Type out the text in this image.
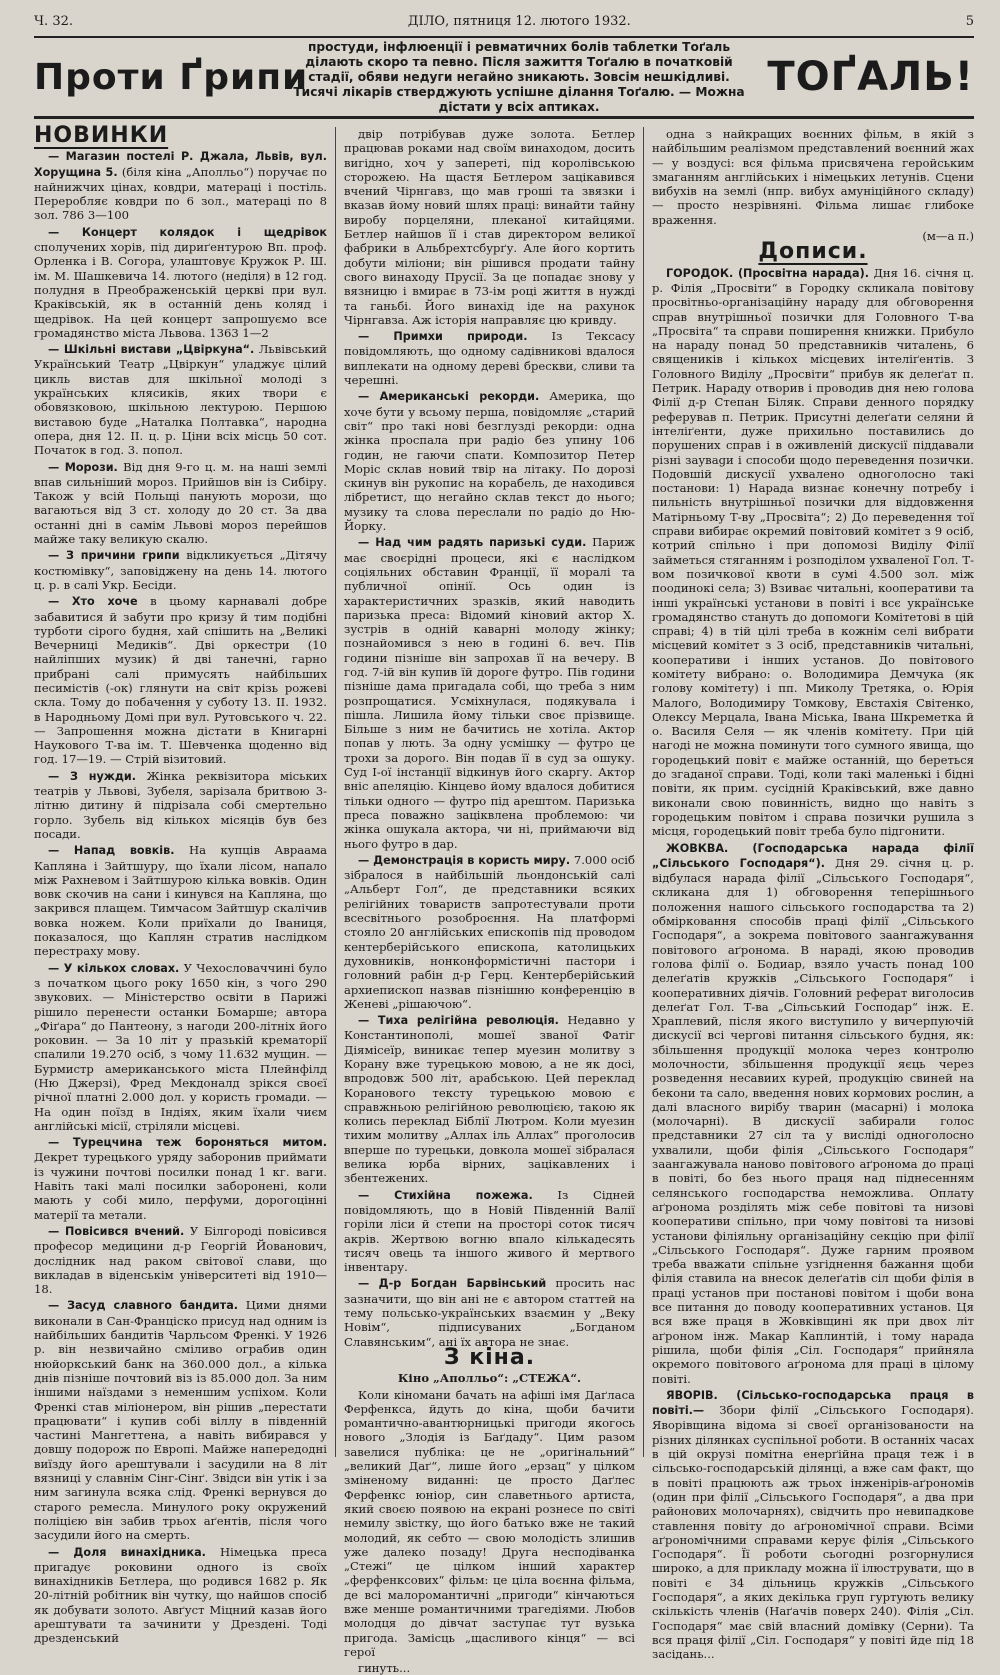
Ч. 32.	ДІЛО, пятниця 12. лютого 1932.	5
Проти Ґрипи
простуди, інфлюенції і ревматичних болів таблетки Тоґаль ділають скоро та певно. Після зажиття Тоґалю в початковій стадії, обяви недуги негайно зникають. Зовсім нешкідливі. Тисячі лікарів стверджують успішне ділання Тоґалю. — Можна дістати у всіх аптиках.
ТОҐАЛЬ!
НОВИНКИ

— Магазин постелі Р. Джала, Львів, вул. Хорущина 5. (біля кіна „Аполльо“) поручає по найнижчих цінах, ковдри, матераці і постіль. Переробляє ковдри по 6 зол., матераці по 8 зол. 786 3—100

— Концерт колядок і щедрівок сполучених хорів, під дириґентурою Вп. проф. Орленка і В. Согора, улаштовує Кружок Р. Ш. ім. М. Шашкевича 14. лютого (неділя) в 12 год. полудня в Преображенській церкві при вул. Краківській, як в останній день коляд і щедрівок. На цей концерт запрошуємо все громадянство міста Львова. 1363 1—2

— Шкільні вистави „Цвіркуна“. Львівський Український Театр „Цвіркун“ уладжує цілий цикль вистав для шкільної молоді з українських клясиків, яких твори є обовязковою, шкільною лектурою. Першою виставою буде „Наталка Полтавка“, народна опера, дня 12. II. ц. р. Ціни всіх місць 50 сот. Початок в год. 3. попол.

— Морози. Від дня 9-го ц. м. на наші землі впав сильніший мороз. Прийшов він із Сибіру. Також у всій Польщі панують морози, що вагаються від 3 ст. холоду до 20 ст. За два останні дні в самім Львові мороз перейшов майже таку великую скалю.

— З причини грипи відкликується „Дітячу костюмівку“, заповіджену на день 14. лютого ц. р. в салі Укр. Бесіди.

— Хто хоче в цьому карнавалі добре забавитися й забути про кризу й тим подібні турботи сірого будня, хай спішить на „Великі Вечерниці Медиків“. Дві оркестри (10 найліпших музик) й дві танечні, гарно прибрані салі примусять найбільших песимістів (-ок) глянути на світ крізь рожеві скла. Тому до побачення у суботу 13. II. 1932. в Народньому Домі при вул. Рутовського ч. 22. — Запрошення можна дістати в Книгарні Наукового Т-ва ім. Т. Шевченка щоденно від год. 17—19. — Стрій візитовий.

— З нужди. Жінка реквізитора міських театрів у Львові, Зубеля, зарізала бритвою 3-літню дитину й підрізала собі смертельно горло. Зубель від кількох місяців був без посади.

— Напад вовків. На купців Авраама Капляна і Зайтшуру, що їхали лісом, напало між Рахневом і Зайтшурою кілька вовків. Один вовк скочив на сани і кинувся на Капляна, що закривcя плащем. Тимчасом Зайтшур скалічив вовка ножем. Коли приїхали до Іваниця, показалося, що Каплян стратив наслідком перестраху мову.

— У кількох словах. У Чехословаччині було з початком цього року 1650 кін, з чого 290 звукових. — Міністерство освіти в Парижі рішило перенести останки Бомарше; автора „Фіґара“ до Пантеону, з нагоди 200-літніх його роковин. — За 10 літ у празькій крематорії спалили 19.270 осіб, з чому 11.632 мущин. — Бурмистр американського міста Плейнфілд (Ню Джерзі), Фред Мекдоналд зрікся своєї річної платні 2.000 дол. у користь громади. — На один поїзд в Індіях, яким їхали чиєм англійські місії, стріляли місцеві.

— Турецчина теж бороняться митом. Декрет турецького уряду заборонив приймати із чужини почтові посилки понад 1 кг. ваги. Навіть такі малі посилки заборонені, коли мають у собі мило, перфуми, дорогоцінні матерії та метали.

— Повісився вчений. У Білгороді повісився професор медицини д-р Георгій Йованович, дослідник над раком світової слави, що викладав в віденськім університеті від 1910—18.

— Засуд славного бандита. Цими днями виконали в Сан-Франціско присуд над одним із найбільших бандитів Чарльсом Френкі. У 1926 р. він незвичайно сміливо ограбив один нюйоркський банк на 360.000 дол., а кілька днів пізніше почтовий віз із 85.000 дол. За ним іншими наїздами з неменшим успіхом. Коли Френкі став міліонером, він рішив „перестати працювати“ і купив собі віллу в південній частині Мангеттена, а навіть вибирався у довшу подорож по Европі. Майже напередодні виїзду його арештували і засудили на 8 літ вязниці у славнім Сінг-Сінґ. Звідси він утік і за ним загинула всяка слід. Френкі вернувся до старого ремесла. Минулого року окружений поліцією він забив трьох аґентів, після чого засудили його на смерть.

— Доля винахідника. Німецька преса пригадує роковини одного із своїх винахідників Бетлера, що родився 1682 р. Як 20-літній робітник він чутку, що найшов спосіб як добувати золото. Авґуст Міцний казав його арештувати та зачинити у Дрездені. Тоді дрезденський

двір потрібував дуже золота. Бетлер працював роками над своїм винаходом, досить вигідно, хоч у запереті, під королівською сторожею. На щастя Бетлером зацікавився вчений Чірнгавз, що мав гроші та звязки і вказав йому новий шлях праці: винайти тайну виробу порцеляни, плеканої китайцями. Бетлер найшов її і став директором великої фабрики в Альбрехтсбурґу. Але його кортить добути міліони; він рішився продати тайну свого винаходу Прусії. За це попадає знову у вязницю і вмирає в 73-ім році життя в нужді та ганьбі. Його винахід іде на рахунок Чірнгавза. Аж історія направляє цю кривду.

— Примхи природи. Із Тексасу повідомляють, що одному садівникові вдалося виплекати на одному дереві брескви, сливи та черешні.

— Американські рекорди. Америка, що хоче бути у всьому перша, повідомляє „старий світ“ про такі нові безглузді рекорди: одна жінка проспала при радіо без упину 106 годин, не гаючи спати. Композитор Петер Моріс склав новий твір на літаку. По дорозі скинув він рукопис на корабель, де находився лібретист, що негайно склав текст до нього; музику та слова переслали по радіо до Ню-Йорку.

— Над чим радять паризькі суди. Париж має своєрідні процеси, які є наслідком соціяльних обставин Франції, її моралі та публичної опінії. Ось один із характеристичних зразків, який наводить паризька преса: Відомий кіновий актор Х. зустрів в одній каварні молоду жінку; познайомився з нею в годині 6. веч. Пів години пізніше він запрохав її на вечеру. В год. 7-ій він купив їй дороге футро. Пів години пізніше дама пригадала собі, що треба з ним розпрощатися. Усміхнулася, подякувала і пішла. Лишила йому тільки своє прізвище. Більше з ним не бачитись не хотіла. Актор попав у лють. За одну усмішку — футро це трохи за дорого. Він подав її в суд за ошуку. Суд І-ої інстанції відкинув його скаргу. Актор вніс апеляцію. Кінцево йому вдалося добитися тільки одного — футро під арештом. Паризька преса поважно заціквлена проблемою: чи жінка ошукала актора, чи ні, приймаючи від нього футро в дар.

— Демонстрація в користь миру. 7.000 осіб зібралося в найбільшій льондонській салі „Альберт Гол“, де представники всяких релігійних товариств запротестували проти всесвітнього розоброєння. На платформі стояло 20 англійських епископів під проводом кентерберійського епископа, католицьких духовників, нонконформістичні пастори і головний рабін д-р Герц. Кентерберійський архиепископ назвав пізнішню конференцію в Женеві „рішаючою“.

— Тиха релігійна революція. Недавно у Константинополі, мошеї званої Фатіг Діямісеїр, виникає тепер муезин молитву з Корану вже турецькою мовою, а не як досі, впродовж 500 літ, арабською. Цей переклад Коранового тексту турецькою мовою є справжньою релігійною революцією, такою як колись переклад Біблії Лютром. Коли муезин тихим молитву „Аллах іль Аллах“ проголосив впершe по турецьки, довкола мошеї зібралася велика юрба вірних, зацікавлених і збентежених.

— Стихійна пожежа. Із Сідней повідомляють, що в Новій Південній Валії горіли ліси й степи на просторі соток тисяч акрів. Жертвою вогню впало кількадесять тисяч овець та іншого живого й мертвого інвентару.

— Д-р Богдан Барвінський просить нас зазначити, що він ані не є автором статтей на тему польсько-українських взаємин у „Веку Новім“, підписуваних „Богданом Славянським“, ані їх автора не знає.

З кіна.
Кіно „Аполльо“: „СТЕЖА“.

Коли кіномани бачать на афіші імя Даґласа Ферфенкса, йдуть до кіна, щоби бачити романтично-авантюрницькі пригоди якогось нового „Злодія із Баґдаду“. Цим разом завелися публіка: це не „оригінальний“ „великий Даґ“, лише його „ерзац“ у цілком зміненому виданні: це просто Даґлес Ферфенкс юніор, син славетнього артиста, який своєю появою на екрані рознесе по світі немилу звістку, що його батько вже не такий молодий, як себто — свою молодість злишив уже далеко позаду! Друга несподіванка „Стежі“ це цілком інший характер „ферфенксових“ фільм: це ціла воєнна фільма, де всі малоромантичні „пригоди“ кінчаються вже менше романтичними трагедіями. Любов молодця до дівчат заступає тут вузька пригода. Замісць „щасливого кінця“ — всі герої

гинуть...

одна з найкращих воєнних фільм, в якій з найбільшим реалізмом представлений воєнний жах — у воздусі: вся фільма присвячена геройським змаганням англійських і німецьких летунів. Сцени вибухів на землі (нпр. вибух амуніційного складу) — просто незрівняні. Фільма лишає глибоке враження.

(м—а п.)

Дописи.

ГОРОДОК. (Просвітна нарада). Дня 16. січня ц. р. Філія „Просвіти“ в Городку скликала повітову просвітньо-організаційну нараду для обговорення справ внутрішньої позички для Головного Т-ва „Просвіта“ та справи поширення книжки. Прибуло на нараду понад 50 представників читалень, 6 священиків і кількох місцевих інтеліґентів. З Головного Виділу „Просвіти“ прибув як делеґат п. Петрик. Нараду отворив і проводив дня нею голова Філії д-р Степан Біляк. Справи денного порядку реферував п. Петрик. Присутні делеґати селяни й інтеліґенти, дуже прихильно поставились до порушених справ і в оживленій дискусії піддавали різні заувagи і способи щодо переведення позички. Подовшій дискусії ухвалено одноголосно такі постанови: 1) Нарада визнає конечну потребу і пильність внутрішньої позички для віддовження Матірньому Т-ву „Просвіта“; 2) До переведення тої справи вибирає окремий повітовий комітет з 9 осіб, котрий спільно і при допомозі Виділу Філії займеться стяганням і розподілом ухваленої Гол. Т-вом позичкової квоти в сумі 4.500 зол. між поодинокі села; 3) Взиває читальні, кооперативи та інші українські установи в повіті і всє українське громадянство стануть до допомоги Комітетові в цій справі; 4) в тій цілі треба в кожнім селі вибрати місцевий комітет з 3 осіб, представників читальні, кооперативи і інших установ. До повітового комітету вибрано: о. Володимира Демчука (як голову комітету) і пп. Миколу Третяка, о. Юрія Малого, Володимиру Томкову, Евстахія Світенко, Олексу Мерцала, Івана Міська, Івана Шкреметка й о. Василя Селя — як членів комітету. При цій нагоді не можна поминути того сумного явища, що городецький повіт є майже останній, що береться до згаданої справи. Тоді, коли такі маленькі і бідні повіти, як прим. сусідній Краківський, вже давно виконали свою повинність, видно що навіть з городецьким повітом і справа позички рушила з місця, городецький повіт треба було підгонити.

ЖОВКВА. (Господарська нарада філії „Сільського Господаря“). Дня 29. січня ц. р. відбулася нарада філії „Сільського Господаря“, скликана для 1) обговорення теперішнього положення нашого сільського господарства та 2) обмірковання способів праці філії „Сільського Господаря“, а зокрема повітового заангажування повітового аґронома. В нараді, якою проводив голова філії о. Бодиар, взяло участь понад 100 делеґатів кружків „Сільського Господаря“ і кооперативних діячів. Головний реферат виголосив делеґат Гол. Т-ва „Сільський Господар“ інж. Е. Храплевий, після якого виступило у вичерпуючій дискусії всі чергові питання сільського будня, як: збільшення продукції молока через контролю молочности, збільшення продукції яєць через розведення несавиих курей, продукцію свиней на бекони та сало, введення нових кормових рослин, а далі власного вирібу тварин (масарні) і молока (молочарні). В дискусії забирали голос представники 27 сіл та у висліді одноголосно ухвалили, щоби філія „Сільського Господаря“ заангажувала наново повітового аґронома до праці в повіті, бо без нього праця над піднесенням селянського господарства неможлива. Оплату аґронома розділять між себе повітові та низові кооперативи спільно, при чому повітові та низові установи філіяльну організаційну секцію при філії „Сільського Господаря“. Дуже гарним проявом треба вважати спільне узгіднення бажання щоби філія ставила на внесок делеґатів сіл щоби філія в праці установ при постанові повітом і щоби вона все питання до поводу кооперативних установ. Ця вся вже праця в Жовківщині як при двох літ аґроном інж. Макар Каплинтій, і тому нарада рішила, щоби філія „Сіл. Господаря“ прийняла окремого повітового аґронома для праці в цілому повіті.

ЯВОРІВ. (Сільсько-господарська праця в повіті.— Збори філії „Сільського Господаря). Яворівщина відома зі своєї організованости на різних ділянках суспільної роботи. В останніх часах в цій окрузі помітна енерґійна праця теж і в сільсько-господарській ділянці, а вже сам факт, що в повіті працюють аж трьох інженірів-аґрономів (один при філії „Сільського Господаря“, а два при районових молочарнях), свідчить про невипадкове ставлення повіту до аґрономічної справи. Всіми аґрономічними справами керує філія „Сільського Господаря“. Її роботи сьогодні розгорнулися широко, а для прикладу можна ії ілюструвати, що в повіті є 34 дільниць кружків „Сільського Господаря“, а яких декілька груп гуртують велику скількість членів (Наґачів поверх 240). Філія „Сіл. Господаря“ має свій власний домівку (Серни). Та вся праця філії „Сіл. Господаря“ у повіті йде під 18 засідань...
